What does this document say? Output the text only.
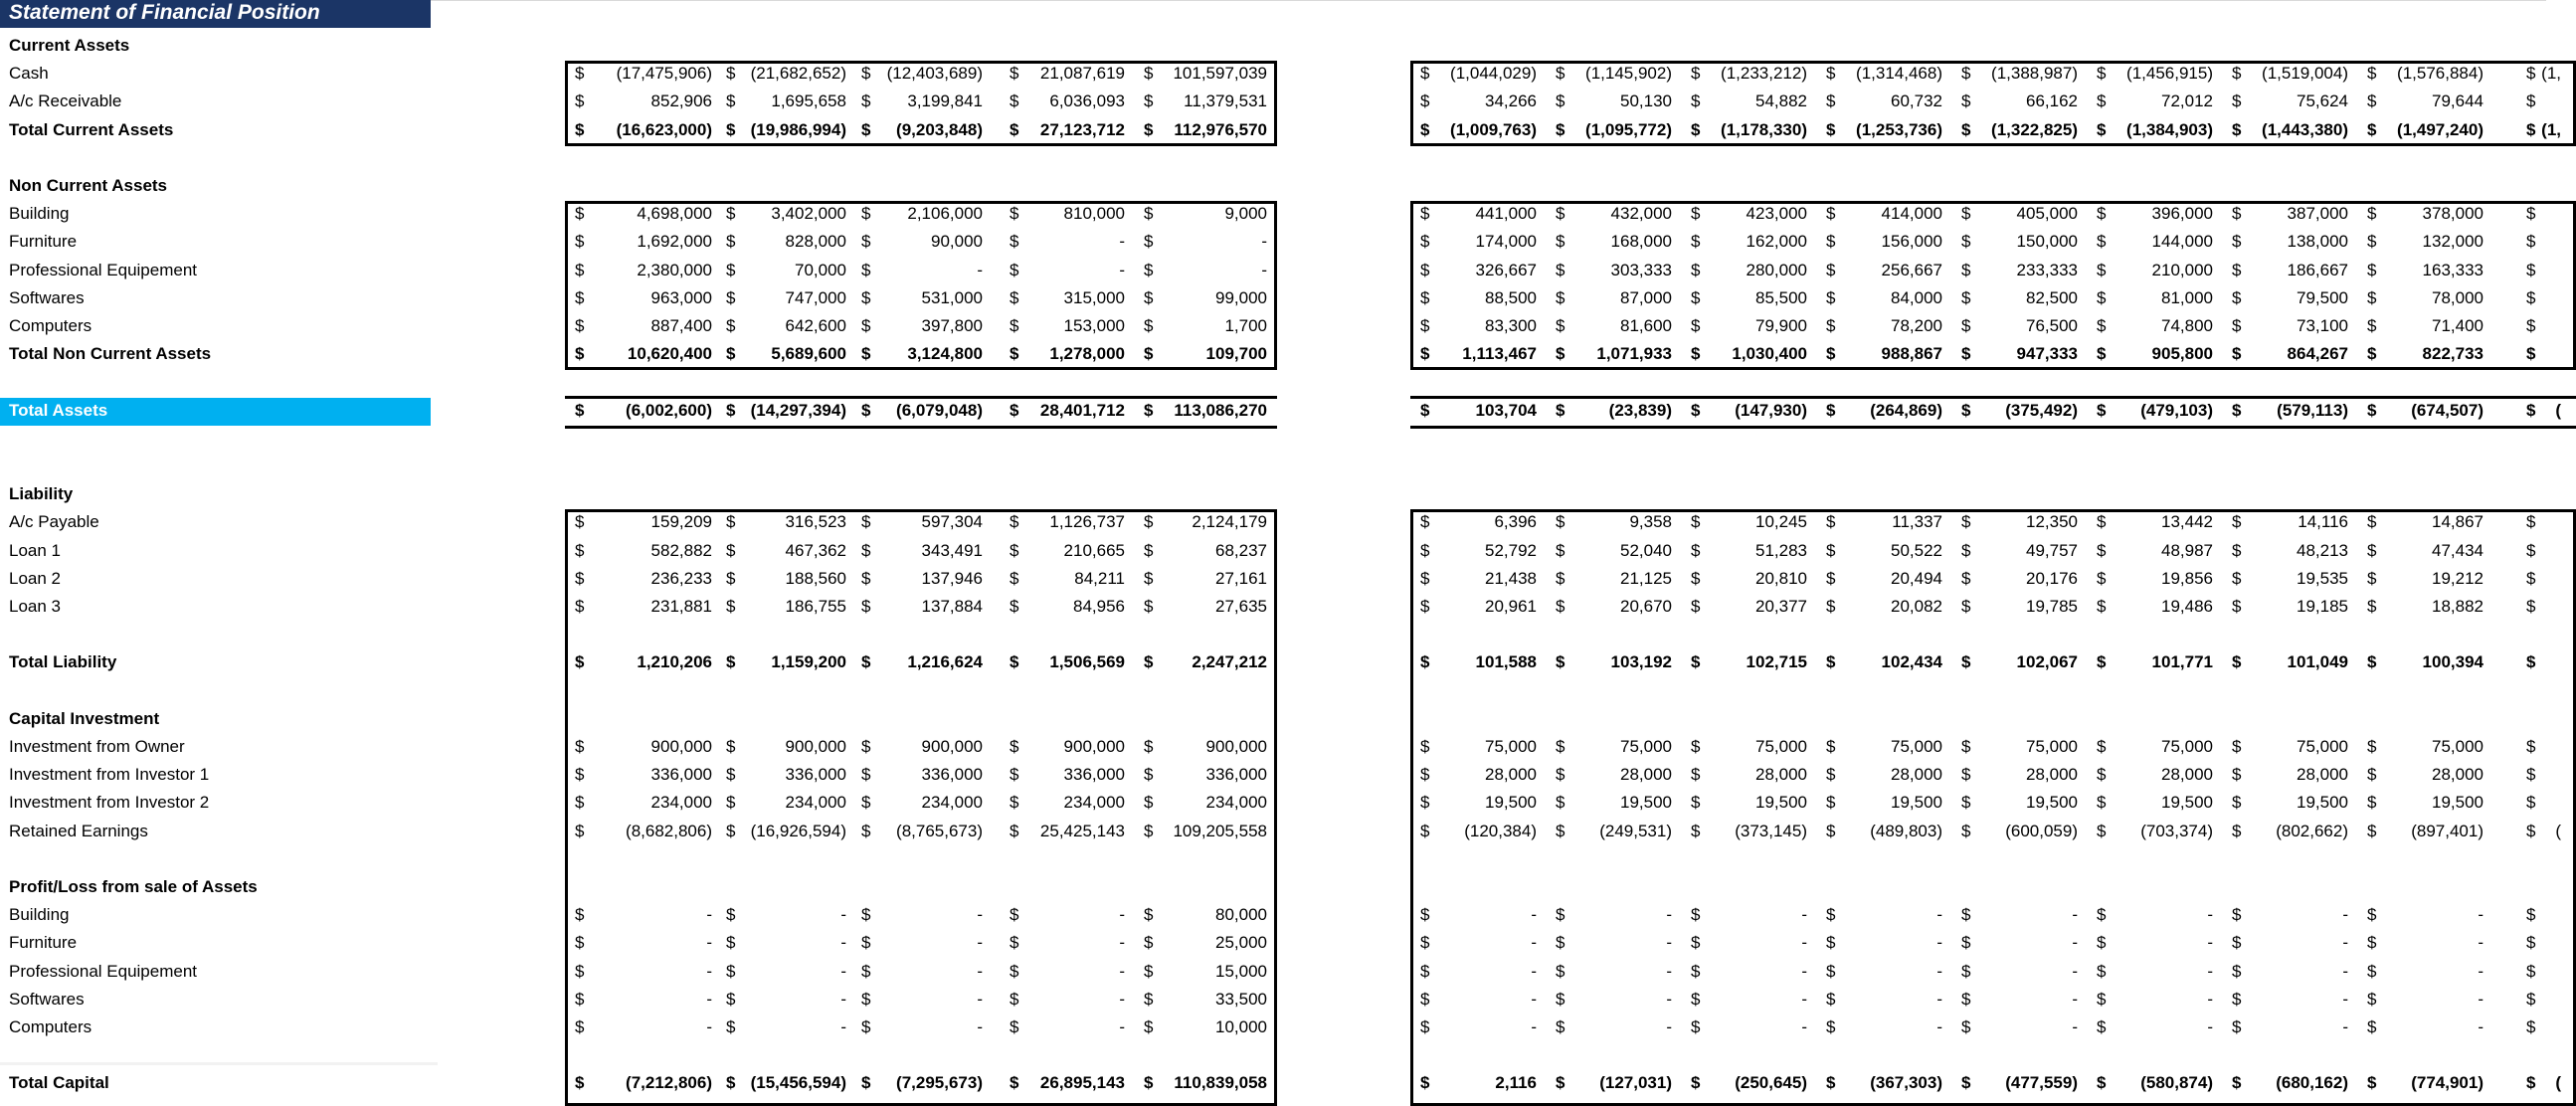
Statement of Financial Position
Current Assets
Cash	$	(17,475,906) $ (21,682,652) $ (12,403,689) $	21,087,619 $	101,597,039	$	(1,044,029) $	(1,145,902) $	(1,233,212) $	(1,314,468) $	(1,388,987) $	(1,456,915) $	(1,519,004) $	(1,576,884)	$ (1,
A/c Receivable	$	852,906 $	1,695,658 $	3,199,841 $	6,036,093 $	11,379,531	$	34,266 $	50,130 $	54,882 $	60,732 $	66,162 $	72,012 $	75,624 $	79,644	$
Total Current Assets	$	(16,623,000) $ (19,986,994) $	(9,203,848) $	27,123,712 $	112,976,570	$	(1,009,763) $	(1,095,772) $	(1,178,330) $	(1,253,736) $	(1,322,825) $	(1,384,903) $	(1,443,380) $	(1,497,240)	$ (1,
Non Current Assets
Building	$	4,698,000 $	3,402,000 $	2,106,000 $	810,000 $	9,000	$	441,000 $	432,000 $	423,000 $	414,000 $	405,000 $	396,000 $	387,000 $	378,000	$
Furniture	$	1,692,000 $	828,000 $	90,000 $	- $	-	$	174,000 $	168,000 $	162,000 $	156,000 $	150,000 $	144,000 $	138,000 $	132,000	$
Professional Equipement	$	2,380,000 $	70,000 $	- $	- $	-	$	326,667 $	303,333 $	280,000 $	256,667 $	233,333 $	210,000 $	186,667 $	163,333	$
Softwares	$	963,000 $	747,000 $	531,000 $	315,000 $	99,000	$	88,500 $	87,000 $	85,500 $	84,000 $	82,500 $	81,000 $	79,500 $	78,000	$
Computers	$	887,400 $	642,600 $	397,800 $	153,000 $	1,700	$	83,300 $	81,600 $	79,900 $	78,200 $	76,500 $	74,800 $	73,100 $	71,400	$
Total Non Current Assets	$	10,620,400 $	5,689,600 $	3,124,800 $	1,278,000 $	109,700	$	1,113,467 $	1,071,933 $	1,030,400 $	988,867 $	947,333 $	905,800 $	864,267 $	822,733	$
Total Assets	$	(6,002,600) $ (14,297,394) $	(6,079,048) $	28,401,712 $	113,086,270	$	103,704 $	(23,839) $	(147,930) $	(264,869) $	(375,492) $	(479,103) $	(579,113) $	(674,507)	$	(
Liability
A/c Payable	$	159,209 $	316,523 $	597,304 $	1,126,737 $	2,124,179	$	6,396 $	9,358 $	10,245 $	11,337 $	12,350 $	13,442 $	14,116 $	14,867	$
Loan 1	$	582,882 $	467,362 $	343,491 $	210,665 $	68,237	$	52,792 $	52,040 $	51,283 $	50,522 $	49,757 $	48,987 $	48,213 $	47,434	$
Loan 2	$	236,233 $	188,560 $	137,946 $	84,211 $	27,161	$	21,438 $	21,125 $	20,810 $	20,494 $	20,176 $	19,856 $	19,535 $	19,212	$
Loan 3	$	231,881 $	186,755 $	137,884 $	84,956 $	27,635	$	20,961 $	20,670 $	20,377 $	20,082 $	19,785 $	19,486 $	19,185 $	18,882	$
Total Liability	$	1,210,206 $	1,159,200 $	1,216,624 $	1,506,569 $	2,247,212	$	101,588 $	103,192 $	102,715 $	102,434 $	102,067 $	101,771 $	101,049 $	100,394	$
Capital Investment
Investment from Owner	$	900,000 $	900,000 $	900,000 $	900,000 $	900,000	$	75,000 $	75,000 $	75,000 $	75,000 $	75,000 $	75,000 $	75,000 $	75,000	$
Investment from Investor 1	$	336,000 $	336,000 $	336,000 $	336,000 $	336,000	$	28,000 $	28,000 $	28,000 $	28,000 $	28,000 $	28,000 $	28,000 $	28,000	$
Investment from Investor 2	$	234,000 $	234,000 $	234,000 $	234,000 $	234,000	$	19,500 $	19,500 $	19,500 $	19,500 $	19,500 $	19,500 $	19,500 $	19,500	$
Retained Earnings	$	(8,682,806) $ (16,926,594) $	(8,765,673) $	25,425,143 $	109,205,558	$	(120,384) $	(249,531) $	(373,145) $	(489,803) $	(600,059) $	(703,374) $	(802,662) $	(897,401)	$	(
Profit/Loss from sale of Assets
Building	$	- $	- $	- $	- $	80,000	$	- $	- $	- $	- $	- $	- $	- $	-	$
Furniture	$	- $	- $	- $	- $	25,000	$	- $	- $	- $	- $	- $	- $	- $	-	$
Professional Equipement	$	- $	- $	- $	- $	15,000	$	- $	- $	- $	- $	- $	- $	- $	-	$
Softwares	$	- $	- $	- $	- $	33,500	$	- $	- $	- $	- $	- $	- $	- $	-	$
Computers	$	- $	- $	- $	- $	10,000	$	- $	- $	- $	- $	- $	- $	- $	-	$
Total Capital	$	(7,212,806) $ (15,456,594) $	(7,295,673) $	26,895,143 $	110,839,058	$	2,116 $	(127,031) $	(250,645) $	(367,303) $	(477,559) $	(580,874) $	(680,162) $	(774,901)	$	(
